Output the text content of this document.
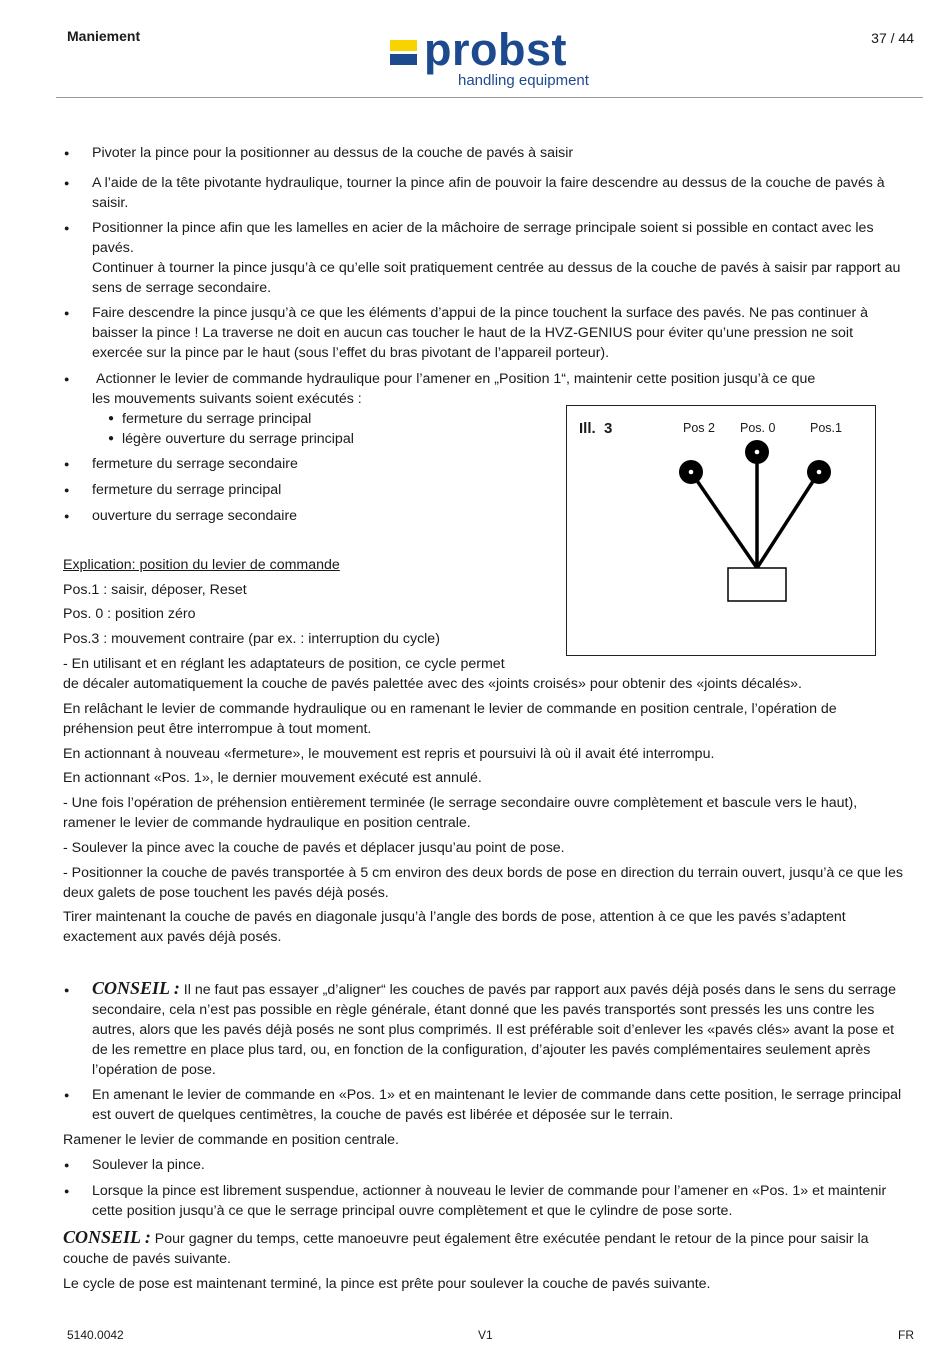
Maniement	37 / 44
probst
handling equipment
● Pivoter la pince pour la positionner au dessus de la couche de pavés à saisir
● A l’aide de la tête pivotante hydraulique, tourner la pince afin de pouvoir la faire descendre au dessus de la couche de pavés à saisir.
● Positionner la pince afin que les lamelles en acier de la mâchoire de serrage principale soient si possible en contact avec les pavés.
Continuer à tourner la pince jusqu’à ce qu’elle soit pratiquement centrée au dessus de la couche de pavés à saisir par rapport au sens de serrage secondaire.
● Faire descendre la pince jusqu’à ce que les éléments d’appui de la pince touchent la surface des pavés. Ne pas continuer à baisser la pince ! La traverse ne doit en aucun cas toucher le haut de la HVZ-GENIUS pour éviter qu’une pression ne soit exercée sur la pince par le haut (sous l’effet du bras pivotant de l’appareil porteur).
● Actionner le levier de commande hydraulique pour l’amener en „Position 1“, maintenir cette position jusqu’à ce que
les mouvements suivants soient exécutés :
● fermeture du serrage principal
● légère ouverture du serrage principal
● fermeture du serrage secondaire
● fermeture du serrage principal
● ouverture du serrage secondaire
Explication: position du levier de commande
Pos.1 : saisir, déposer, Reset
Pos. 0 : position zéro
Pos.3 : mouvement contraire (par ex. : interruption du cycle)
- En utilisant et en réglant les adaptateurs de position, ce cycle permet
de décaler automatiquement la couche de pavés palettée avec des «joints croisés» pour obtenir des «joints décalés».
Ill.  3	Pos 2 Pos. 0	Pos.1
En relâchant le levier de commande hydraulique ou en ramenant le levier de commande en position centrale, l’opération de préhension peut être interrompue à tout moment.
En actionnant à nouveau «fermeture», le mouvement est repris et poursuivi là où il avait été interrompu.
En actionnant «Pos. 1», le dernier mouvement exécuté est annulé.
- Une fois l’opération de préhension entièrement terminée (le serrage secondaire ouvre complètement et bascule vers le haut), ramener le levier de commande hydraulique en position centrale.
- Soulever la pince avec la couche de pavés et déplacer jusqu’au point de pose.
- Positionner la couche de pavés transportée à 5 cm environ des deux bords de pose en direction du terrain ouvert, jusqu’à ce que les deux galets de pose touchent les pavés déjà posés.
Tirer maintenant la couche de pavés en diagonale jusqu’à l’angle des bords de pose, attention à ce que les pavés s’adaptent exactement aux pavés déjà posés.
● CONSEIL : Il ne faut pas essayer „d’aligner“ les couches de pavés par rapport aux pavés déjà posés dans le sens du serrage secondaire, cela n’est pas possible en règle générale, étant donné que les pavés transportés sont pressés les uns contre les autres, alors que les pavés déjà posés ne sont plus comprimés. Il est préférable soit d’enlever les «pavés clés» avant la pose et de les remettre en place plus tard, ou, en fonction de la configuration, d’ajouter les pavés complémentaires seulement après l’opération de pose.
● En amenant le levier de commande en «Pos. 1» et en maintenant le levier de commande dans cette position, le serrage principal est ouvert de quelques centimètres, la couche de pavés est libérée et déposée sur le terrain.
Ramener le levier de commande en position centrale.
● Soulever la pince.
● Lorsque la pince est librement suspendue, actionner à nouveau le levier de commande pour l’amener en «Pos. 1» et maintenir cette position jusqu’à ce que le serrage principal ouvre complètement et que le cylindre de pose sorte.
CONSEIL : Pour gagner du temps, cette manoeuvre peut également être exécutée pendant le retour de la pince pour saisir la couche de pavés suivante.
Le cycle de pose est maintenant terminé, la pince est prête pour soulever la couche de pavés suivante.
5140.0042	V1	FR
